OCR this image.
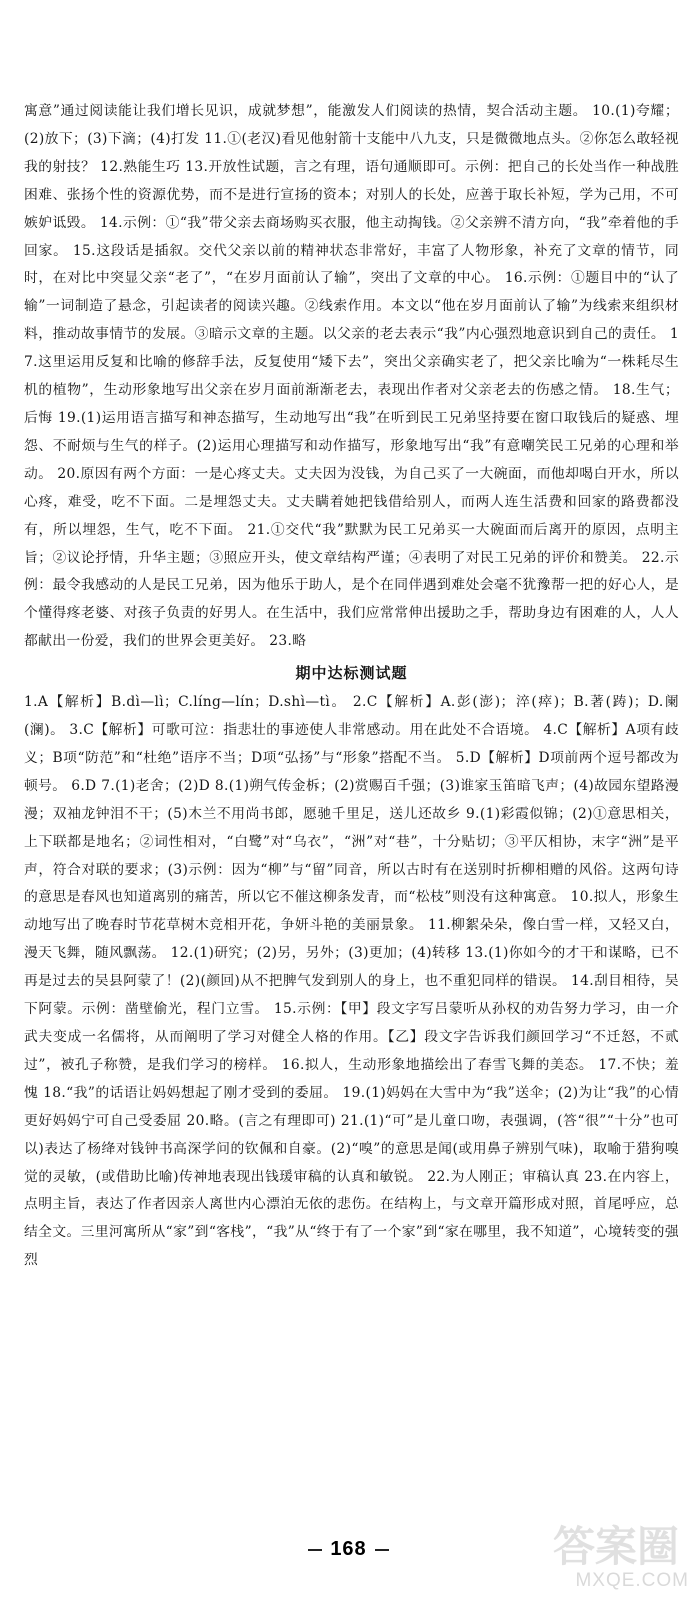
寓意”通过阅读能让我们增长见识，成就梦想”，能激发人们阅读的热情，契合活动主题。 10.(1)夸耀；(2)放下；(3)下滴；(4)打发 11.①(老汉)看见他射箭十支能中八九支，只是微微地点头。②你怎么敢轻视我的射技？ 12.熟能生巧 13.开放性试题，言之有理，语句通顺即可。示例：把自己的长处当作一种战胜困难、张扬个性的资源优势，而不是进行宣扬的资本；对别人的长处，应善于取长补短，学为己用，不可嫉妒诋毁。 14.示例：①“我”带父亲去商场购买衣服，他主动掏钱。②父亲辨不清方向，“我”牵着他的手回家。 15.这段话是插叙。交代父亲以前的精神状态非常好，丰富了人物形象，补充了文章的情节，同时，在对比中突显父亲“老了”，“在岁月面前认了输”，突出了文章的中心。 16.示例：①题目中的“认了输”一词制造了悬念，引起读者的阅读兴趣。②线索作用。本文以“他在岁月面前认了输”为线索来组织材料，推动故事情节的发展。③暗示文章的主题。以父亲的老去表示“我”内心强烈地意识到自己的责任。 17.这里运用反复和比喻的修辞手法，反复使用“矮下去”，突出父亲确实老了，把父亲比喻为“一株耗尽生机的植物”，生动形象地写出父亲在岁月面前渐渐老去，表现出作者对父亲老去的伤感之情。 18.生气；后悔 19.(1)运用语言描写和神态描写，生动地写出“我”在听到民工兄弟坚持要在窗口取钱后的疑惑、埋怨、不耐烦与生气的样子。(2)运用心理描写和动作描写，形象地写出“我”有意嘲笑民工兄弟的心理和举动。 20.原因有两个方面：一是心疼丈夫。丈夫因为没钱，为自己买了一大碗面，而他却喝白开水，所以心疼，难受，吃不下面。二是埋怨丈夫。丈夫瞒着她把钱借给别人，而两人连生活费和回家的路费都没有，所以埋怨，生气，吃不下面。 21.①交代“我”默默为民工兄弟买一大碗面而后离开的原因，点明主旨；②议论抒情，升华主题；③照应开头，使文章结构严谨；④表明了对民工兄弟的评价和赞美。 22.示例：最令我感动的人是民工兄弟，因为他乐于助人，是个在同伴遇到难处会毫不犹豫帮一把的好心人，是个懂得疼老婆、对孩子负责的好男人。在生活中，我们应常常伸出援助之手，帮助身边有困难的人，人人都献出一份爱，我们的世界会更美好。 23.略

期中达标测试题

1.A【解析】B.dì—lì；C.líng—lín；D.shì—tì。 2.C【解析】A.彭(澎)；淬(瘁)；B.著(踌)；D.阑(澜)。 3.C【解析】可歌可泣：指悲壮的事迹使人非常感动。用在此处不合语境。 4.C【解析】A项有歧义；B项“防范”和“杜绝”语序不当；D项“弘扬”与“形象”搭配不当。 5.D【解析】D项前两个逗号都改为顿号。 6.D 7.(1)老舍；(2)D 8.(1)朔气传金柝；(2)赏赐百千强；(3)谁家玉笛暗飞声；(4)故园东望路漫漫；双袖龙钟泪不干；(5)木兰不用尚书郎，愿驰千里足，送儿还故乡 9.(1)彩霞似锦；(2)①意思相关，上下联都是地名；②词性相对，“白鹭”对“乌衣”，“洲”对“巷”，十分贴切；③平仄相协，末字“洲”是平声，符合对联的要求；(3)示例：因为“柳”与“留”同音，所以古时有在送别时折柳相赠的风俗。这两句诗的意思是春风也知道离别的痛苦，所以它不催这柳条发青，而“松枝”则没有这种寓意。 10.拟人，形象生动地写出了晚春时节花草树木竞相开花，争妍斗艳的美丽景象。 11.柳絮朵朵，像白雪一样，又轻又白，漫天飞舞，随风飘荡。 12.(1)研究；(2)另，另外；(3)更加；(4)转移 13.(1)你如今的才干和谋略，已不再是过去的吴县阿蒙了！(2)(颜回)从不把脾气发到别人的身上，也不重犯同样的错误。 14.刮目相待，吴下阿蒙。示例：凿壁偷光，程门立雪。 15.示例：【甲】段文字写吕蒙听从孙权的劝告努力学习，由一介武夫变成一名儒将，从而阐明了学习对健全人格的作用。【乙】段文字告诉我们颜回学习“不迁怒，不贰过”，被孔子称赞，是我们学习的榜样。 16.拟人，生动形象地描绘出了春雪飞舞的美态。 17.不快；羞愧 18.“我”的话语让妈妈想起了刚才受到的委屈。 19.(1)妈妈在大雪中为“我”送伞；(2)为让“我”的心情更好妈妈宁可自己受委屈 20.略。(言之有理即可) 21.(1)“可”是儿童口吻，表强调，(答“很”“十分”也可以)表达了杨绛对钱钟书高深学问的钦佩和自豪。(2)“嗅”的意思是闻(或用鼻子辨别气味)，取喻于猎狗嗅觉的灵敏，(或借助比喻)传神地表现出钱瑗审稿的认真和敏锐。 22.为人刚正；审稿认真 23.在内容上，点明主旨，表达了作者因亲人离世内心漂泊无依的悲伤。在结构上，与文章开篇形成对照，首尾呼应，总结全文。三里河寓所从“家”到“客栈”，“我”从“终于有了一个家”到“家在哪里，我不知道”，心境转变的强烈

168	答案圈
MXQE.COM
